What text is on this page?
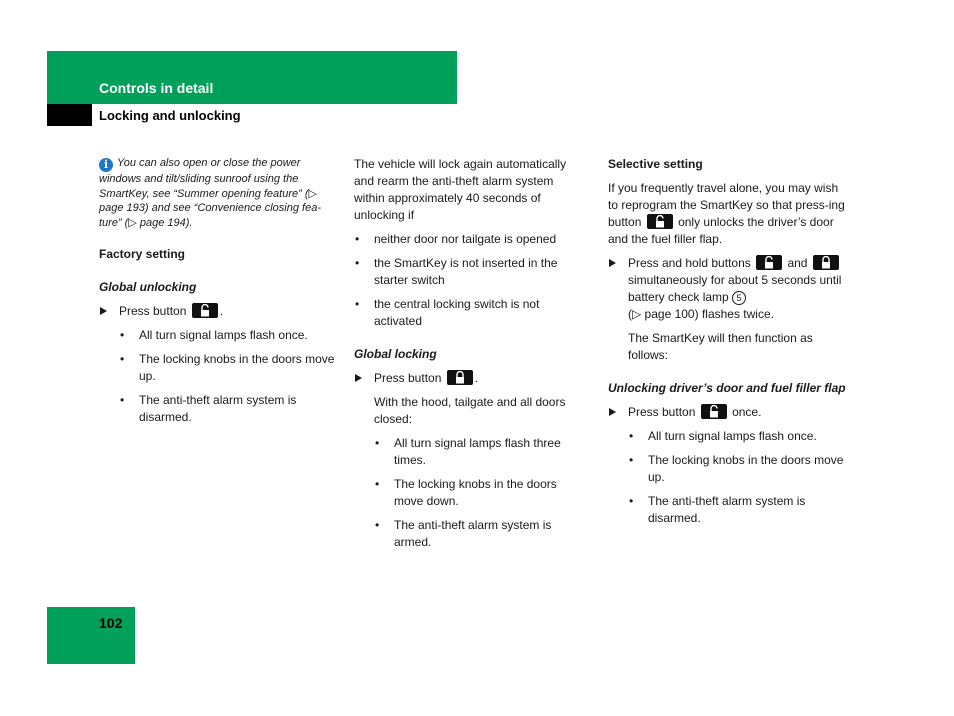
Controls in detail
Locking and unlocking

i You can also open or close the power windows and tilt/sliding sunroof using the SmartKey, see “Summer opening feature” (▷ page 193) and see “Convenience closing fea-ture” (▷ page 194).

Factory setting

Global unlocking

Press button	.

• All turn signal lamps flash once.
• The locking knobs in the doors move up.
• The anti-theft alarm system is disarmed.

The vehicle will lock again automatically and rearm the anti-theft alarm system within approximately 40 seconds of unlocking if

• neither door nor tailgate is opened
• the SmartKey is not inserted in the starter switch
• the central locking switch is not activated

Global locking

Press button	.

With the hood, tailgate and all doors closed:

• All turn signal lamps flash three times.
• The locking knobs in the doors move down.
• The anti-theft alarm system is armed.

Selective setting

If you frequently travel alone, you may wish to reprogram the SmartKey so that press-ing button	only unlocks the driver’s door and the fuel filler flap.

Press and hold buttons	and
simultaneously for about 5 seconds until battery check lamp 5
(▷ page 100) flashes twice.

The SmartKey will then function as follows:

Unlocking driver’s door and fuel filler flap

Press button	once.

• All turn signal lamps flash once.
• The locking knobs in the doors move up.
• The anti-theft alarm system is disarmed.
102
